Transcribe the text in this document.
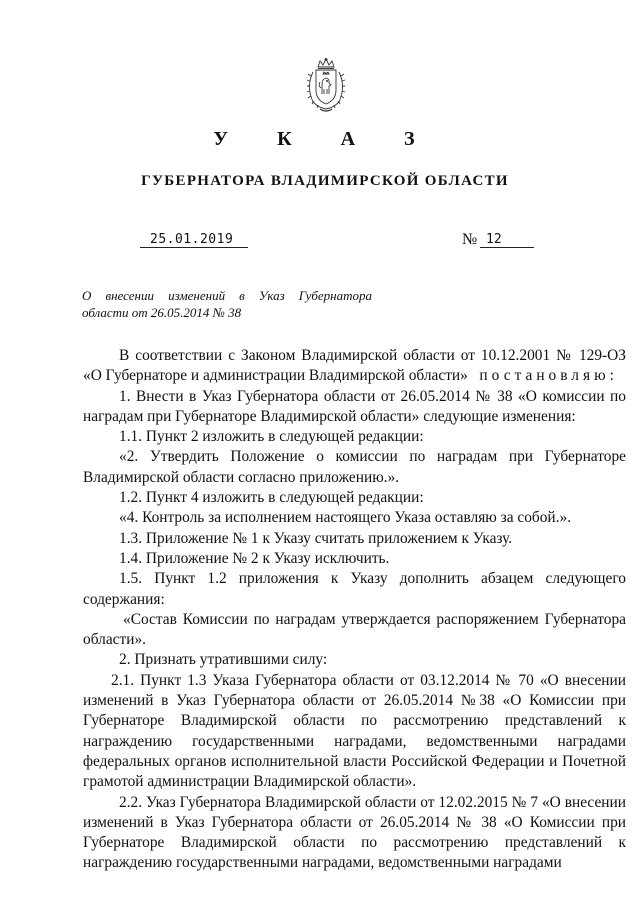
У К А З
ГУБЕРНАТОРА ВЛАДИМИРСКОЙ ОБЛАСТИ
25.01.2019	№ 12
О внесении изменений в Указ Губернатора
области от 26.05.2014 № 38

В соответствии с Законом Владимирской области от 10.12.2001 № 129-ОЗ «О Губернаторе и администрации Владимирской области» постановляю:

1. Внести в Указ Губернатора области от 26.05.2014 № 38 «О комиссии по наградам при Губернаторе Владимирской области» следующие изменения:

1.1. Пункт 2 изложить в следующей редакции:

«2. Утвердить Положение о комиссии по наградам при Губернаторе Владимирской области согласно приложению.».

1.2. Пункт 4 изложить в следующей редакции:

«4. Контроль за исполнением настоящего Указа оставляю за собой.».

1.3. Приложение № 1 к Указу считать приложением к Указу.

1.4. Приложение № 2 к Указу исключить.

1.5. Пункт 1.2 приложения к Указу дополнить абзацем следующего содержания:

«Состав Комиссии по наградам утверждается распоряжением Губернатора области».

2. Признать утратившими силу:

2.1. Пункт 1.3 Указа Губернатора области от 03.12.2014 № 70 «О внесении изменений в Указ Губернатора области от 26.05.2014 №38 «О Комиссии при Губернаторе Владимирской области по рассмотрению представлений к награждению государственными наградами, ведомственными наградами федеральных органов исполнительной власти Российской Федерации и Почетной грамотой администрации Владимирской области».

2.2. Указ Губернатора Владимирской области от 12.02.2015 № 7 «О внесении изменений в Указ Губернатора области от 26.05.2014 № 38 «О Комиссии при Губернаторе Владимирской области по рассмотрению представлений к награждению государственными наградами, ведомственными наградами
